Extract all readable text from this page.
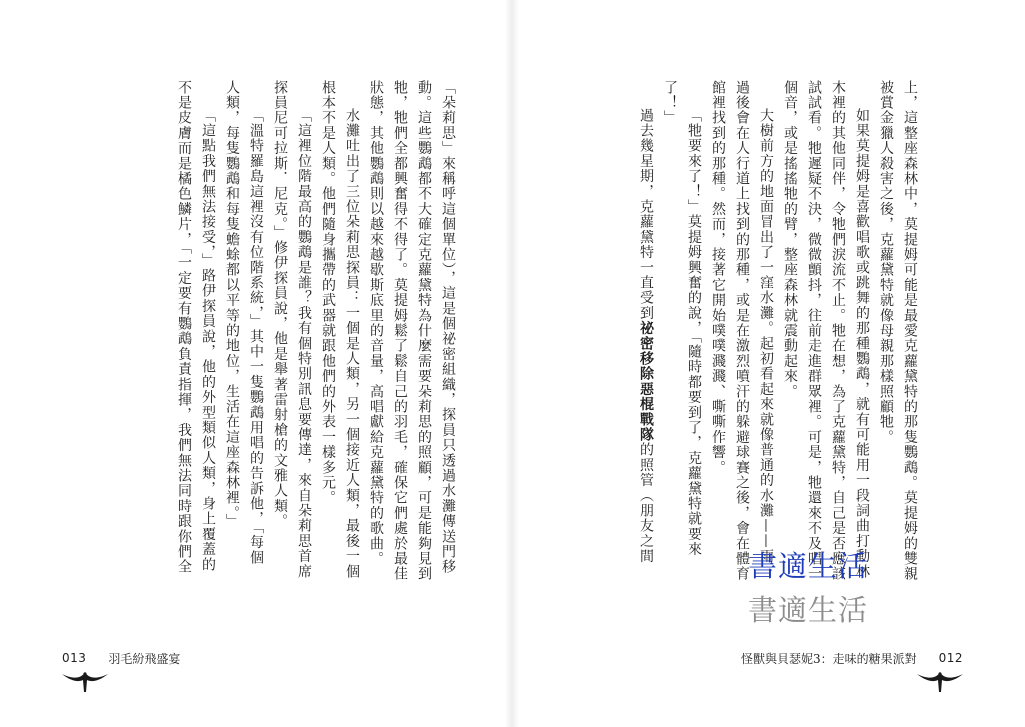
「朵莉思」來稱呼這個單位），這是個祕密組織，探員只透過水灘傳送門移

動。這些鸚鵡都不大確定克蘿黛特為什麼需要朵莉思的照顧，可是能夠見到

牠，牠們全都興奮得不得了。莫提姆鬆了鬆自己的羽毛，確保它們處於最佳

狀態，其他鸚鵡則以越來越歇斯底里的音量，高唱獻給克蘿黛特的歌曲。

水灘吐出了三位朵莉思探員：一個是人類，另一個接近人類，最後一個

根本不是人類。他們隨身攜帶的武器就跟他們的外表一樣多元。

「這裡位階最高的鸚鵡是誰？我有個特別訊息要傳達，來自朵莉思首席

探員尼可拉斯．尼克。」修伊探員說，他是舉著雷射槍的文雅人類。

「溫特羅島這裡沒有位階系統，」其中一隻鸚鵡用唱的告訴他，「每個

人類，每隻鸚鵡和每隻蟾蜍都以平等的地位，生活在這座森林裡。」

「這點我們無法接受，」路伊探員說，他的外型類似人類，身上覆蓋的

不是皮膚而是橘色鱗片，「一定要有鸚鵡負責指揮，我們無法同時跟你們全

013 羽毛紛飛盛宴

上，這整座森林中，莫提姆可能是最愛克蘿黛特的那隻鸚鵡。莫提姆的雙親

被賞金獵人殺害之後，克蘿黛特就像母親那樣照顧牠。

如果莫提姆是喜歡唱歌或跳舞的那種鸚鵡，就有可能用一段詞曲打動林

木裡的其他同伴，令牠們淚流不止。牠在想，為了克蘿黛特，自己是否應該

試試看。牠遲疑不決，微微顫抖，往前走進群眾裡。可是，牠還來不及唱一

個音，或是搖搖牠的臂，整座森林就震動起來。

大樹前方的地面冒出了一窪水灘。起初看起來就像普通的水灘——雨

過後會在人行道上找到的那種，或是在激烈噴汗的躲避球賽之後，會在體育

館裡找到的那種。然而，接著它開始噗噗濺濺、嘶嘶作響。

「牠要來了！」莫提姆興奮的說，「隨時都要到了，克蘿黛特就要來

了！」

過去幾星期，克蘿黛特一直受到祕密移除惡棍戰隊的照管（朋友之間

怪獸與貝瑟妮3：走味的糖果派對 012
書適生活
書適生活
